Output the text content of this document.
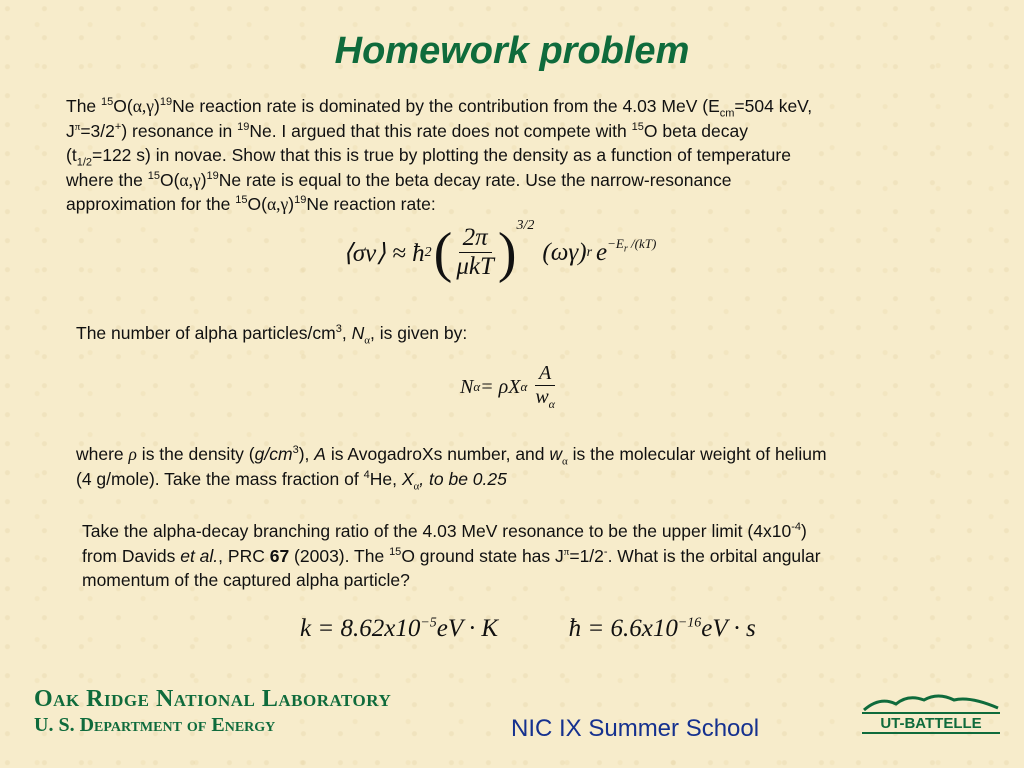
Homework problem
The $^{15}O(\alpha,\gamma)^{19}Ne$ reaction rate is dominated by the contribution from the 4.03 MeV ($E_{cm}=504$ keV,
$J^\pi=3/2^+$) resonance in $^{19}$Ne. I argued that this rate does not compete with $^{15}$O beta decay
($t_{1/2}=122$ s) in novae. Show that this is true by plotting the density as a function of temperature
where the $^{15}O(\alpha,\gamma)^{19}Ne$ rate is equal to the beta decay rate. Use the narrow-resonance
approximation for the $^{15}O(\alpha,\gamma)^{19}Ne$ reaction rate:
⟨σv⟩ ≈ ħ 2 ( $\frac{2\pi}{\text{μkT}} )^{3/2}$
(ωγ) r e $^{-E_r /(kT)}$
The number of alpha particles/$cm^3$, $N_\alpha$, is given by:
N α = ρX α $\frac{A}{w_\alpha}$
where ρ is the density $(g/cm^3)$, A is AvogadroXs number, and $w_\alpha$ is the molecular weight of helium
(4 g/mole). Take the mass fraction of $^4$He, $X_\alpha$, to be 0.25
Take the alpha-decay branching ratio of the 4.03 MeV resonance to be the upper limit $(4x10^{-4})$
from Davids et al., PRC 67 (2003). The $^{15}$O ground state has $J^\pi=1/2^-$. What is the orbital angular
momentum of the captured alpha particle?
$k = 8.62x10^{-5}eV \cdot K$	ħ = $6.6x10^{-16}eV \cdot s$
Oak Ridge National Laboratory
U. S. Department of Energy	NIC IX Summer School	UT-BATTELLE
